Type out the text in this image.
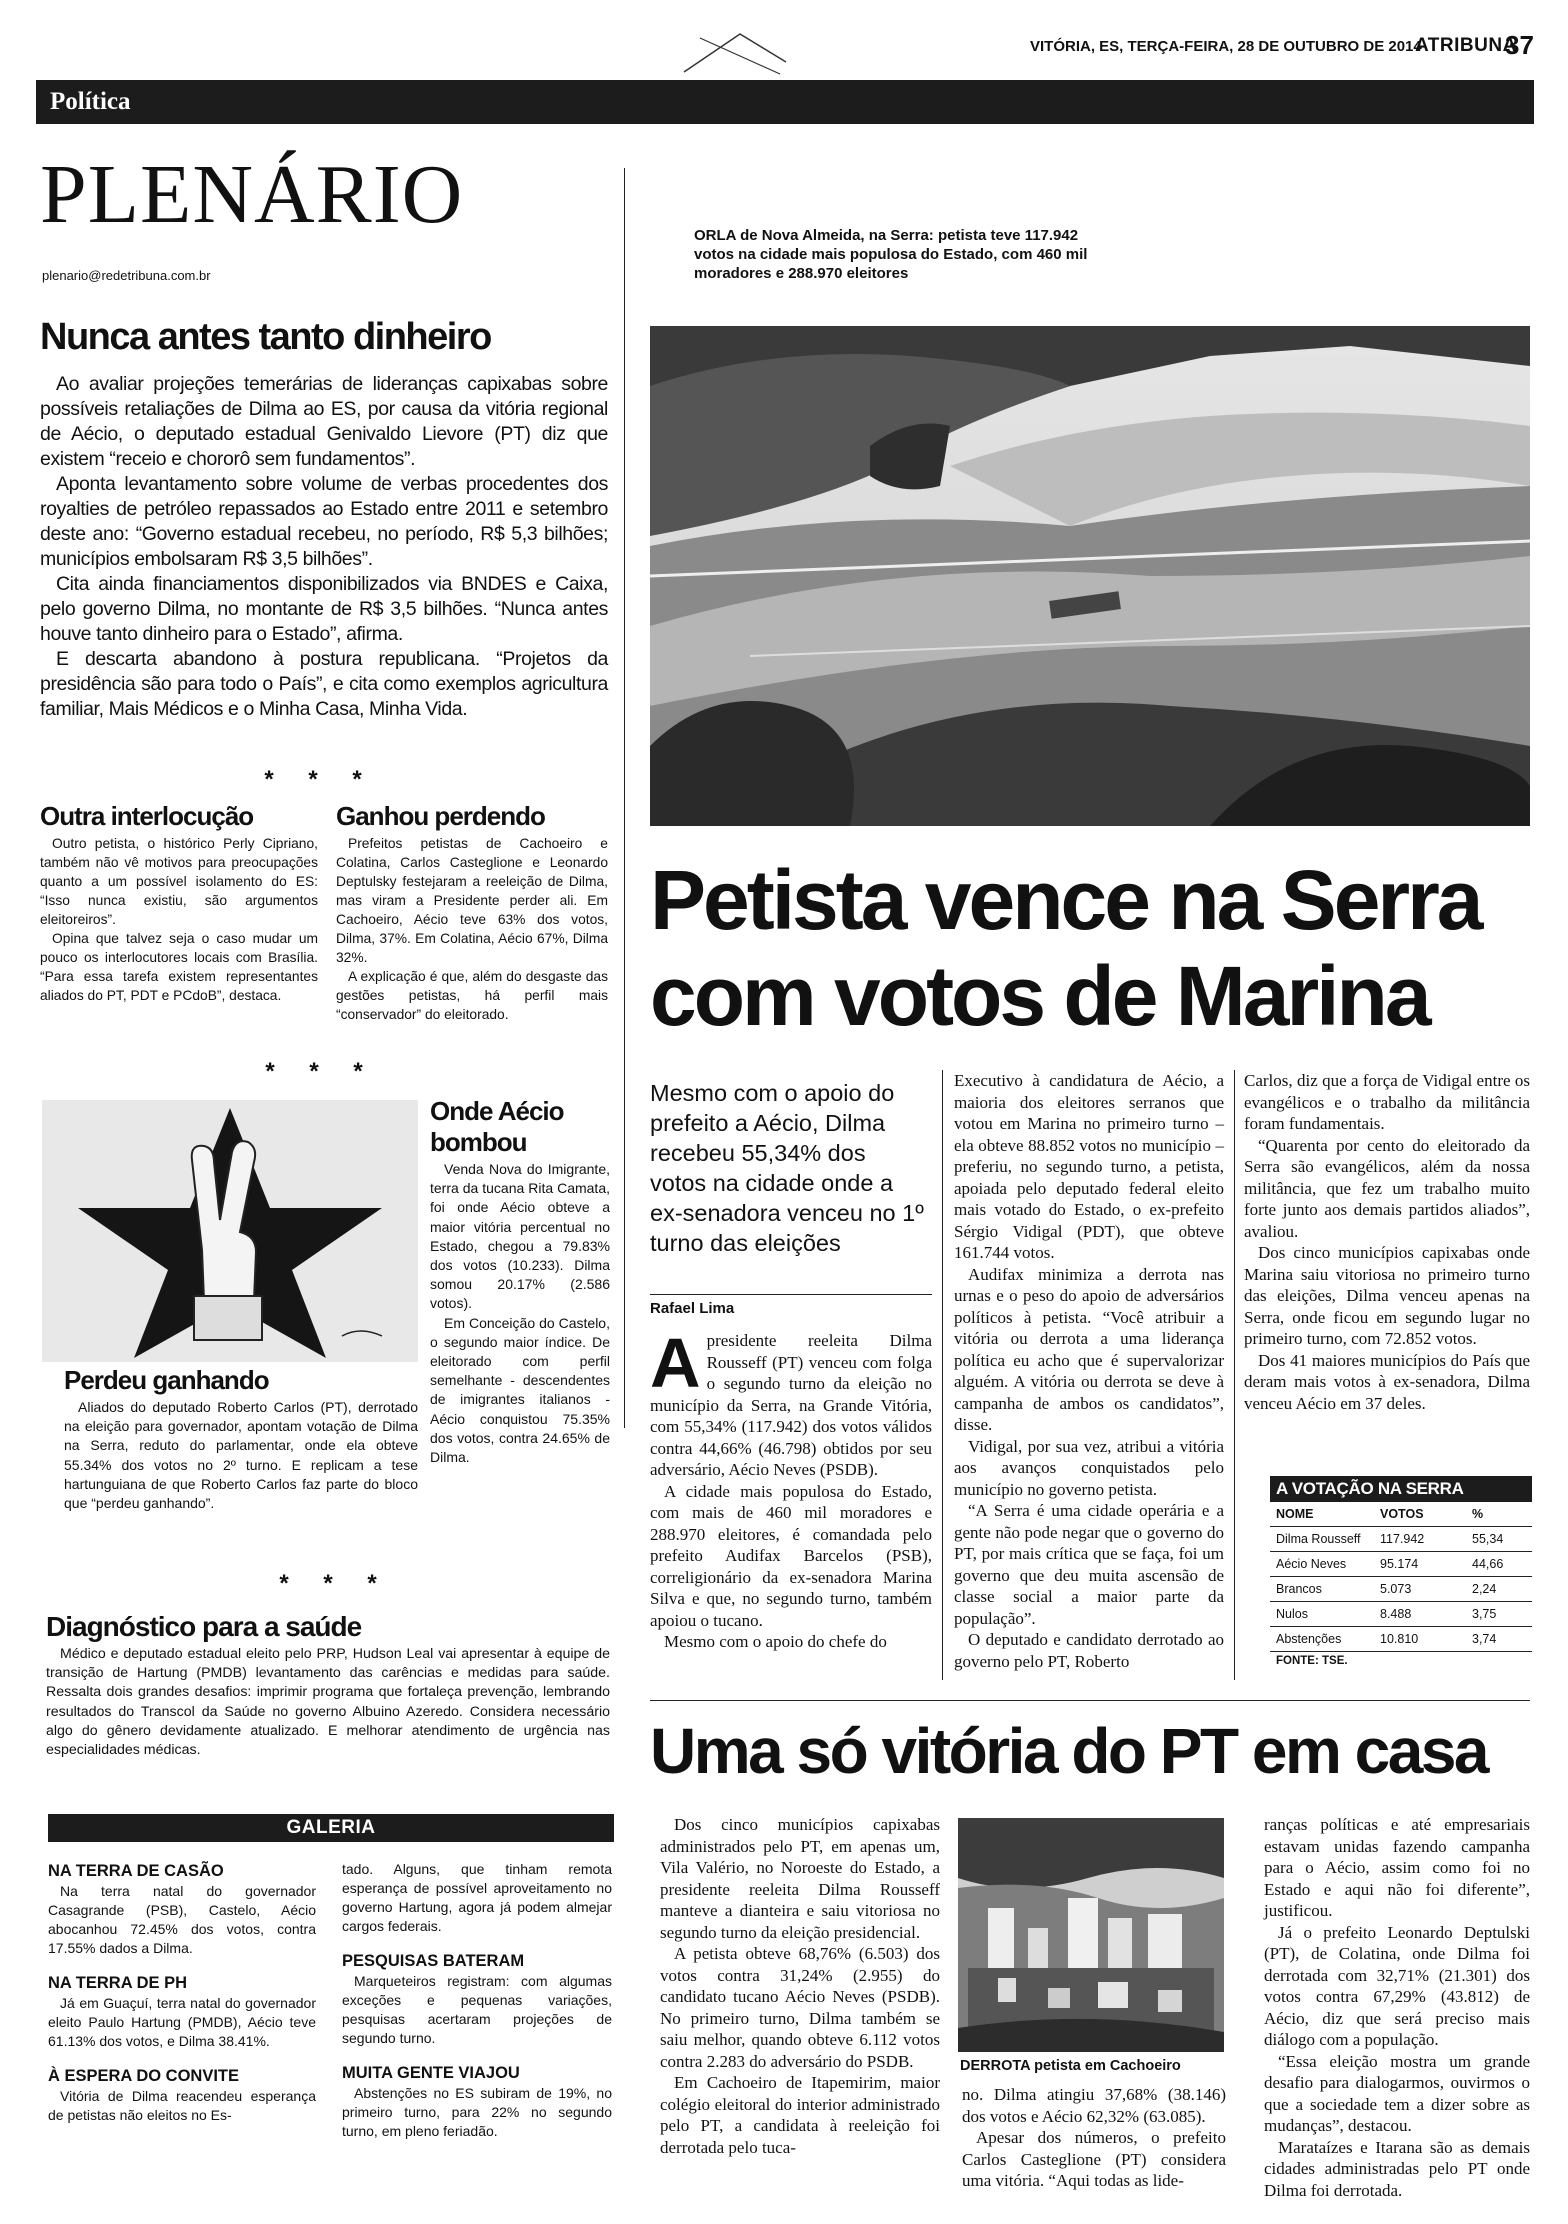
VITÓRIA, ES, TERÇA-FEIRA, 28 DE OUTUBRO DE 2014
ATRIBUNA
37
Política
PLENÁRIO
plenario@redetribuna.com.br
Nunca antes tanto dinheiro

Ao avaliar projeções temerárias de lideranças capixabas sobre possíveis retaliações de Dilma ao ES, por causa da vitória regional de Aécio, o deputado estadual Genivaldo Lievore (PT) diz que existem “receio e chororô sem fundamentos”.

Aponta levantamento sobre volume de verbas procedentes dos royalties de petróleo repassados ao Estado entre 2011 e setembro deste ano: “Governo estadual recebeu, no período, R$ 5,3 bilhões; municípios embolsaram R$ 3,5 bilhões”.

Cita ainda financiamentos disponibilizados via BNDES e Caixa, pelo governo Dilma, no montante de R$ 3,5 bilhões. “Nunca antes houve tanto dinheiro para o Estado”, afirma.

E descarta abandono à postura republicana. “Projetos da presidência são para todo o País”, e cita como exemplos agricultura familiar, Mais Médicos e o Minha Casa, Minha Vida.

* * *
Outra interlocução

Outro petista, o histórico Perly Cipriano, também não vê motivos para preocupações quanto a um possível isolamento do ES: “Isso nunca existiu, são argumentos eleitoreiros”.

Opina que talvez seja o caso mudar um pouco os interlocutores locais com Brasília. “Para essa tarefa existem representantes aliados do PT, PDT e PCdoB”, destaca.

Ganhou perdendo

Prefeitos petistas de Cachoeiro e Colatina, Carlos Casteglione e Leonardo Deptulsky festejaram a reeleição de Dilma, mas viram a Presidente perder ali. Em Cachoeiro, Aécio teve 63% dos votos, Dilma, 37%. Em Colatina, Aécio 67%, Dilma 32%.

A explicação é que, além do desgaste das gestões petistas, há perfil mais “conservador” do eleitorado.

* * *
Onde Aécio bombou

Venda Nova do Imigrante, terra da tucana Rita Camata, foi onde Aécio obteve a maior vitória percentual no Estado, chegou a 79.83% dos votos (10.233). Dilma somou 20.17% (2.586 votos).

Em Conceição do Castelo, o segundo maior índice. De eleitorado com perfil semelhante - descendentes de imigrantes italianos - Aécio conquistou 75.35% dos votos, contra 24.65% de Dilma.

Perdeu ganhando

Aliados do deputado Roberto Carlos (PT), derrotado na eleição para governador, apontam votação de Dilma na Serra, reduto do parlamentar, onde ela obteve 55.34% dos votos no 2º turno. E replicam a tese hartunguiana de que Roberto Carlos faz parte do bloco que “perdeu ganhando”.

* * *
Diagnóstico para a saúde

Médico e deputado estadual eleito pelo PRP, Hudson Leal vai apresentar à equipe de transição de Hartung (PMDB) levantamento das carências e medidas para saúde. Ressalta dois grandes desafios: imprimir programa que fortaleça prevenção, lembrando resultados do Transcol da Saúde no governo Albuino Azeredo. Considera necessário algo do gênero devidamente atualizado. E melhorar atendimento de urgência nas especialidades médicas.

GALERIA
NA TERRA DE CASÃO
Na terra natal do governador Casagrande (PSB), Castelo, Aécio abocanhou 72.45% dos votos, contra 17.55% dados a Dilma.
NA TERRA DE PH
Já em Guaçuí, terra natal do governador eleito Paulo Hartung (PMDB), Aécio teve 61.13% dos votos, e Dilma 38.41%.
À ESPERA DO CONVITE
Vitória de Dilma reacendeu esperança de petistas não eleitos no Es-
tado. Alguns, que tinham remota esperança de possível aproveitamento no governo Hartung, agora já podem almejar cargos federais.
PESQUISAS BATERAM
Marqueteiros registram: com algumas exceções e pequenas variações, pesquisas acertaram projeções de segundo turno.
MUITA GENTE VIAJOU
Abstenções no ES subiram de 19%, no primeiro turno, para 22% no segundo turno, em pleno feriadão.
ORLA de Nova Almeida, na Serra: petista teve 117.942 votos na cidade mais populosa do Estado, com 460 mil moradores e 288.970 eleitores
Petista vence na Serra com votos de Marina
Mesmo com o apoio do prefeito a Aécio, Dilma recebeu 55,34% dos votos na cidade onde a ex-senadora venceu no 1º turno das eleições
Rafael Lima
A presidente reeleita Dilma Rousseff (PT) venceu com folga o segundo turno da eleição no município da Serra, na Grande Vitória, com 55,34% (117.942) dos votos válidos contra 44,66% (46.798) obtidos por seu adversário, Aécio Neves (PSDB).

A cidade mais populosa do Estado, com mais de 460 mil moradores e 288.970 eleitores, é comandada pelo prefeito Audifax Barcelos (PSB), correligionário da ex-senadora Marina Silva e que, no segundo turno, também apoiou o tucano.

Mesmo com o apoio do chefe do

Executivo à candidatura de Aécio, a maioria dos eleitores serranos que votou em Marina no primeiro turno – ela obteve 88.852 votos no município – preferiu, no segundo turno, a petista, apoiada pelo deputado federal eleito mais votado do Estado, o ex-prefeito Sérgio Vidigal (PDT), que obteve 161.744 votos.

Audifax minimiza a derrota nas urnas e o peso do apoio de adversários políticos à petista. “Você atribuir a vitória ou derrota a uma liderança política eu acho que é supervalorizar alguém. A vitória ou derrota se deve à campanha de ambos os candidatos”, disse.

Vidigal, por sua vez, atribui a vitória aos avanços conquistados pelo município no governo petista.

“A Serra é uma cidade operária e a gente não pode negar que o governo do PT, por mais crítica que se faça, foi um governo que deu muita ascensão de classe social a maior parte da população”.

O deputado e candidato derrotado ao governo pelo PT, Roberto

Carlos, diz que a força de Vidigal entre os evangélicos e o trabalho da militância foram fundamentais.

“Quarenta por cento do eleitorado da Serra são evangélicos, além da nossa militância, que fez um trabalho muito forte junto aos demais partidos aliados”, avaliou.

Dos cinco municípios capixabas onde Marina saiu vitoriosa no primeiro turno das eleições, Dilma venceu apenas na Serra, onde ficou em segundo lugar no primeiro turno, com 72.852 votos.

Dos 41 maiores municípios do País que deram mais votos à ex-senadora, Dilma venceu Aécio em 37 deles.

A VOTAÇÃO NA SERRA
NOME	VOTOS	%
Dilma Rousseff	117.942	55,34
Aécio Neves	95.174	44,66
Brancos	5.073	2,24
Nulos	8.488	3,75
Abstenções	10.810	3,74
FONTE: TSE.
Uma só vitória do PT em casa

Dos cinco municípios capixabas administrados pelo PT, em apenas um, Vila Valério, no Noroeste do Estado, a presidente reeleita Dilma Rousseff manteve a dianteira e saiu vitoriosa no segundo turno da eleição presidencial.

A petista obteve 68,76% (6.503) dos votos contra 31,24% (2.955) do candidato tucano Aécio Neves (PSDB). No primeiro turno, Dilma também se saiu melhor, quando obteve 6.112 votos contra 2.283 do adversário do PSDB.

Em Cachoeiro de Itapemirim, maior colégio eleitoral do interior administrado pelo PT, a candidata à reeleição foi derrotada pelo tuca-

DERROTA petista em Cachoeiro

no. Dilma atingiu 37,68% (38.146) dos votos e Aécio 62,32% (63.085).

Apesar dos números, o prefeito Carlos Casteglione (PT) considera uma vitória. “Aqui todas as lide-

ranças políticas e até empresariais estavam unidas fazendo campanha para o Aécio, assim como foi no Estado e aqui não foi diferente”, justificou.

Já o prefeito Leonardo Deptulski (PT), de Colatina, onde Dilma foi derrotada com 32,71% (21.301) dos votos contra 67,29% (43.812) de Aécio, diz que será preciso mais diálogo com a população.

“Essa eleição mostra um grande desafio para dialogarmos, ouvirmos o que a sociedade tem a dizer sobre as mudanças”, destacou.

Marataízes e Itarana são as demais cidades administradas pelo PT onde Dilma foi derrotada.
